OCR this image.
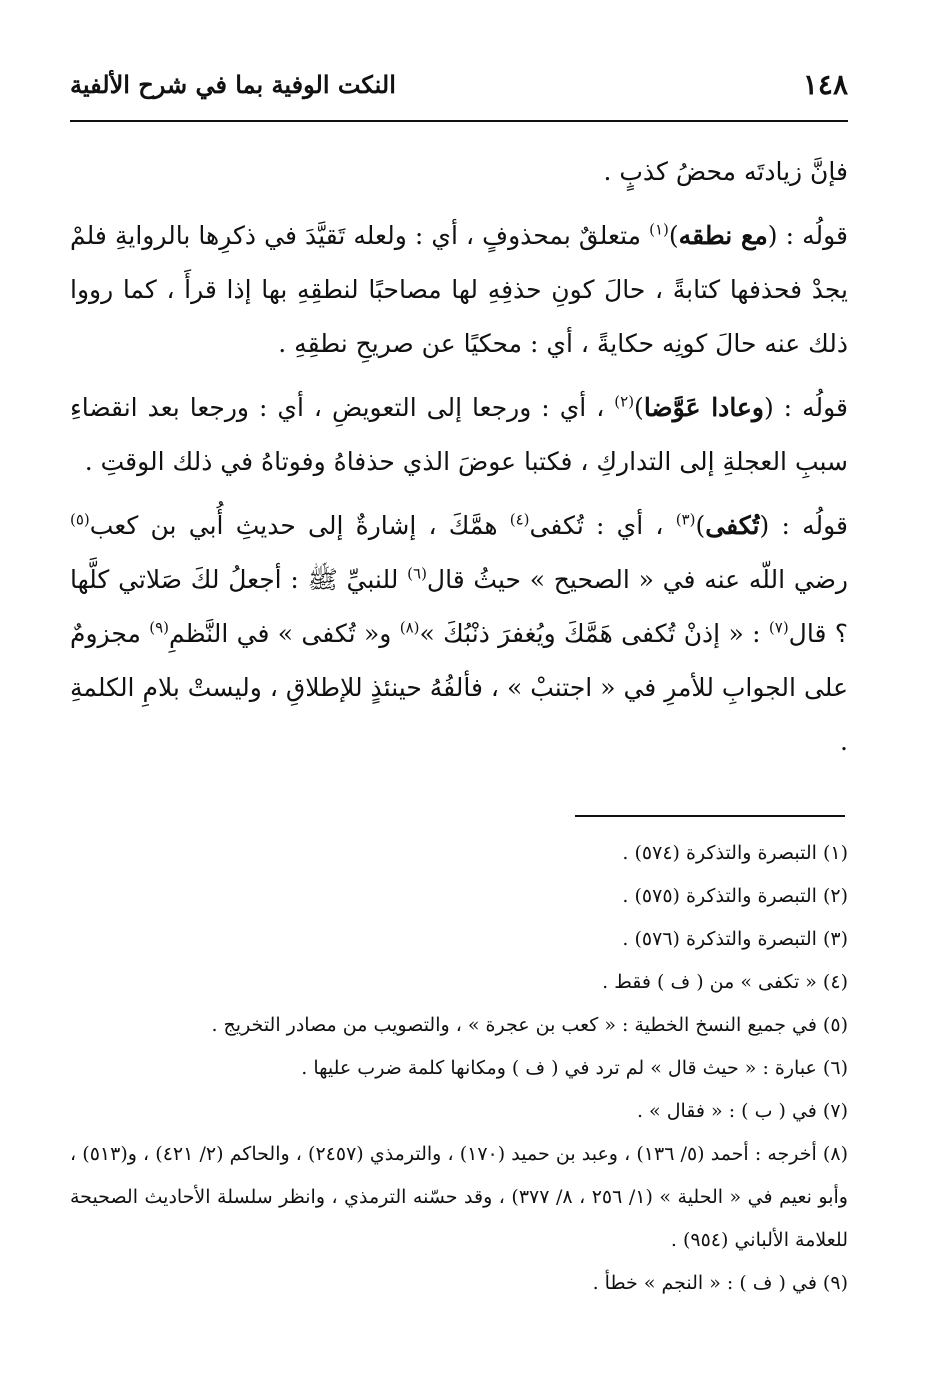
١٤٨
النكت الوفية بما في شرح الألفية

فإنَّ زيادتَه محضُ كذبٍ .

قولُه : (مع نطقه)$^{(١)}$ متعلقٌ بمحذوفٍ ، أي : ولعله تَقيَّدَ في ذكرِها بالروايةِ فلمْ يجدْ فحذفها كتابةً ، حالَ كونِ حذفِهِ لها مصاحبًا لنطقِهِ بها إذا قرأَ ، كما رووا ذلك عنه حالَ كونِه حكايةً ، أي : محكيًا عن صريحِ نطقِهِ .

قولُه : (وعادا عَوَّضا)$^{(٢)}$ ، أي : ورجعا إلى التعويضِ ، أي : ورجعا بعد انقضاءِ سببِ العجلةِ إلى التداركِ ، فكتبا عوضَ الذي حذفاهُ وفوتاهُ في ذلك الوقتِ .

قولُه : (تُكفى)$^{(٣)}$ ، أي : تُكفى$^{(٤)}$ همَّكَ ، إشارةٌ إلى حديثِ أُبي بن كعب$^{(٥)}$ رضي اللّه عنه في « الصحيح » حيثُ قال$^{(٦)}$ للنبيِّ ﷺ : أجعلُ لكَ صَلاتي كلَّها ؟ قال$^{(٧)}$ : « إذنْ تُكفى هَمَّكَ ويُغفرَ ذنْبُكَ »$^{(٨)}$ و« تُكفى » في النَّظمِ$^{(٩)}$ مجزومٌ على الجوابِ للأمرِ في « اجتنبْ » ، فألفُهُ حينئذٍ للإطلاقِ ، وليستْ بلامِ الكلمةِ .

(١) التبصرة والتذكرة (٥٧٤) .

(٢) التبصرة والتذكرة (٥٧٥) .

(٣) التبصرة والتذكرة (٥٧٦) .

(٤) « تكفى » من ( ف ) فقط .

(٥) في جميع النسخ الخطية : « كعب بن عجرة » ، والتصويب من مصادر التخريج .

(٦) عبارة : « حيث قال » لم ترد في ( ف ) ومكانها كلمة ضرب عليها .

(٧) في ( ب ) : « فقال » .

(٨) أخرجه : أحمد (٥/ ١٣٦) ، وعبد بن حميد (١٧٠) ، والترمذي (٢٤٥٧) ، والحاكم (٢/ ٤٢١) ، و(٥١٣) ، وأبو نعيم في « الحلية » (١/ ٢٥٦ ، ٨/ ٣٧٧) ، وقد حسّنه الترمذي ، وانظر سلسلة الأحاديث الصحيحة للعلامة الألباني (٩٥٤) .

(٩) في ( ف ) : « النجم » خطأ .
